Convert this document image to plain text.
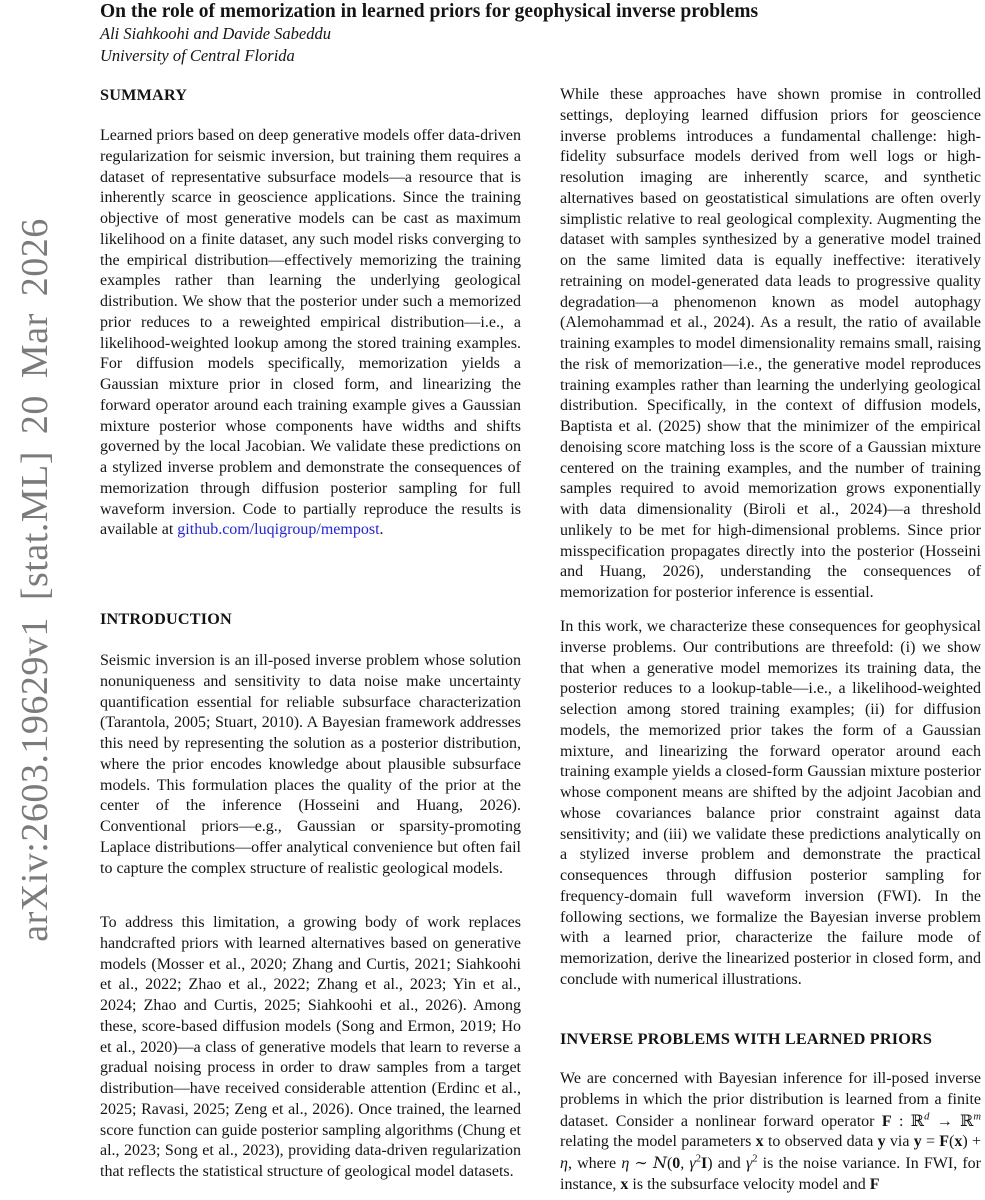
arXiv:2603.19629v1 [stat.ML] 20 Mar 2026
On the role of memorization in learned priors for geophysical inverse problems
Ali Siahkoohi and Davide Sabeddu
University of Central Florida
SUMMARY
Learned priors based on deep generative models offer data-driven regularization for seismic inversion, but training them requires a dataset of representative subsurface models—a resource that is inherently scarce in geoscience applications. Since the training objective of most generative models can be cast as maximum likelihood on a finite dataset, any such model risks converging to the empirical distribution—effectively memorizing the training examples rather than learning the underlying geological distribution. We show that the posterior under such a memorized prior reduces to a reweighted empirical distribution—i.e., a likelihood-weighted lookup among the stored training examples. For diffusion models specifically, memorization yields a Gaussian mixture prior in closed form, and linearizing the forward operator around each training example gives a Gaussian mixture posterior whose components have widths and shifts governed by the local Jacobian. We validate these predictions on a stylized inverse problem and demonstrate the consequences of memorization through diffusion posterior sampling for full waveform inversion. Code to partially reproduce the results is available at github.com/luqigroup/mempost.
INTRODUCTION
Seismic inversion is an ill-posed inverse problem whose solution nonuniqueness and sensitivity to data noise make uncertainty quantification essential for reliable subsurface characterization (Tarantola, 2005; Stuart, 2010). A Bayesian framework addresses this need by representing the solution as a posterior distribution, where the prior encodes knowledge about plausible subsurface models. This formulation places the quality of the prior at the center of the inference (Hosseini and Huang, 2026). Conventional priors—e.g., Gaussian or sparsity-promoting Laplace distributions—offer analytical convenience but often fail to capture the complex structure of realistic geological models.
To address this limitation, a growing body of work replaces handcrafted priors with learned alternatives based on generative models (Mosser et al., 2020; Zhang and Curtis, 2021; Siahkoohi et al., 2022; Zhao et al., 2022; Zhang et al., 2023; Yin et al., 2024; Zhao and Curtis, 2025; Siahkoohi et al., 2026). Among these, score-based diffusion models (Song and Ermon, 2019; Ho et al., 2020)—a class of generative models that learn to reverse a gradual noising process in order to draw samples from a target distribution—have received considerable attention (Erdinc et al., 2025; Ravasi, 2025; Zeng et al., 2026). Once trained, the learned score function can guide posterior sampling algorithms (Chung et al., 2023; Song et al., 2023), providing data-driven regularization that reflects the statistical structure of geological model datasets.
While these approaches have shown promise in controlled settings, deploying learned diffusion priors for geoscience inverse problems introduces a fundamental challenge: high-fidelity subsurface models derived from well logs or high-resolution imaging are inherently scarce, and synthetic alternatives based on geostatistical simulations are often overly simplistic relative to real geological complexity. Augmenting the dataset with samples synthesized by a generative model trained on the same limited data is equally ineffective: iteratively retraining on model-generated data leads to progressive quality degradation—a phenomenon known as model autophagy (Alemohammad et al., 2024). As a result, the ratio of available training examples to model dimensionality remains small, raising the risk of memorization—i.e., the generative model reproduces training examples rather than learning the underlying geological distribution. Specifically, in the context of diffusion models, Baptista et al. (2025) show that the minimizer of the empirical denoising score matching loss is the score of a Gaussian mixture centered on the training examples, and the number of training samples required to avoid memorization grows exponentially with data dimensionality (Biroli et al., 2024)—a threshold unlikely to be met for high-dimensional problems. Since prior misspecification propagates directly into the posterior (Hosseini and Huang, 2026), understanding the consequences of memorization for posterior inference is essential.
In this work, we characterize these consequences for geophysical inverse problems. Our contributions are threefold: (i) we show that when a generative model memorizes its training data, the posterior reduces to a lookup-table—i.e., a likelihood-weighted selection among stored training examples; (ii) for diffusion models, the memorized prior takes the form of a Gaussian mixture, and linearizing the forward operator around each training example yields a closed-form Gaussian mixture posterior whose component means are shifted by the adjoint Jacobian and whose covariances balance prior constraint against data sensitivity; and (iii) we validate these predictions analytically on a stylized inverse problem and demonstrate the practical consequences through diffusion posterior sampling for frequency-domain full waveform inversion (FWI). In the following sections, we formalize the Bayesian inverse problem with a learned prior, characterize the failure mode of memorization, derive the linearized posterior in closed form, and conclude with numerical illustrations.
INVERSE PROBLEMS WITH LEARNED PRIORS
We are concerned with Bayesian inference for ill-posed inverse problems in which the prior distribution is learned from a finite dataset. Consider a nonlinear forward operator F : ℝ$^d$ → ℝ$^m$ relating the model parameters x to observed data y via y = F(x) + η, where η ∼ N(0, $\gamma^2I$) and $\gamma^2$ is the noise variance. In FWI, for instance, x is the subsurface velocity model and F
